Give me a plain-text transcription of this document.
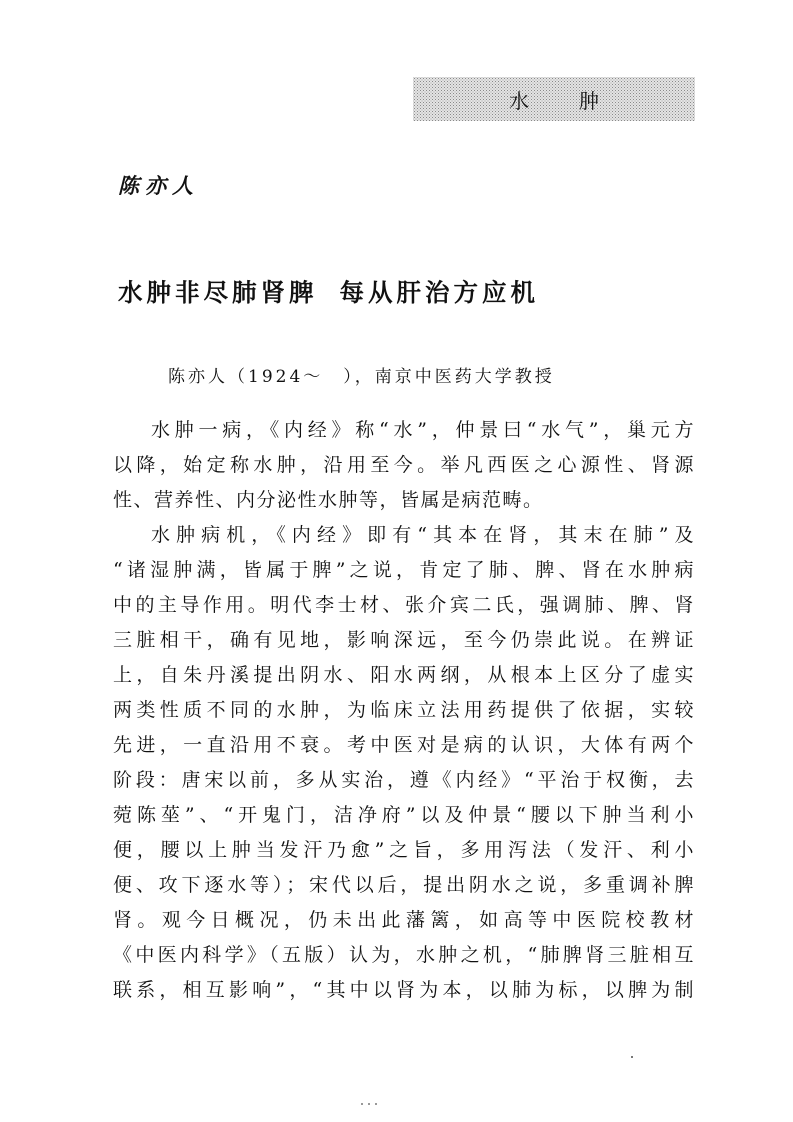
水	肿
陈亦人
水肿非尽肺肾脾 每从肝治方应机
陈亦人（1924～　），南京中医药大学教授
水肿一病，《内经》称“水”，仲景曰“水气”，巢元方
以降，始定称水肿，沿用至今。举凡西医之心源性、肾源
性、营养性、内分泌性水肿等，皆属是病范畴。
水肿病机，《内经》即有“其本在肾，其末在肺”及
“诸湿肿满，皆属于脾”之说，肯定了肺、脾、肾在水肿病
中的主导作用。明代李士材、张介宾二氏，强调肺、脾、肾
三脏相干，确有见地，影响深远，至今仍崇此说。在辨证
上，自朱丹溪提出阴水、阳水两纲，从根本上区分了虚实
两类性质不同的水肿，为临床立法用药提供了依据，实较
先进，一直沿用不衰。考中医对是病的认识，大体有两个
阶段：唐宋以前，多从实治，遵《内经》“平治于权衡，去
菀陈莝”、“开鬼门，洁净府”以及仲景“腰以下肿当利小
便，腰以上肿当发汗乃愈”之旨，多用泻法（发汗、利小
便、攻下逐水等）；宋代以后，提出阴水之说，多重调补脾
肾。观今日概况，仍未出此藩篱，如高等中医院校教材
《中医内科学》（五版）认为，水肿之机，“肺脾肾三脏相互
联系，相互影响”，“其中以肾为本，以肺为标，以脾为制
